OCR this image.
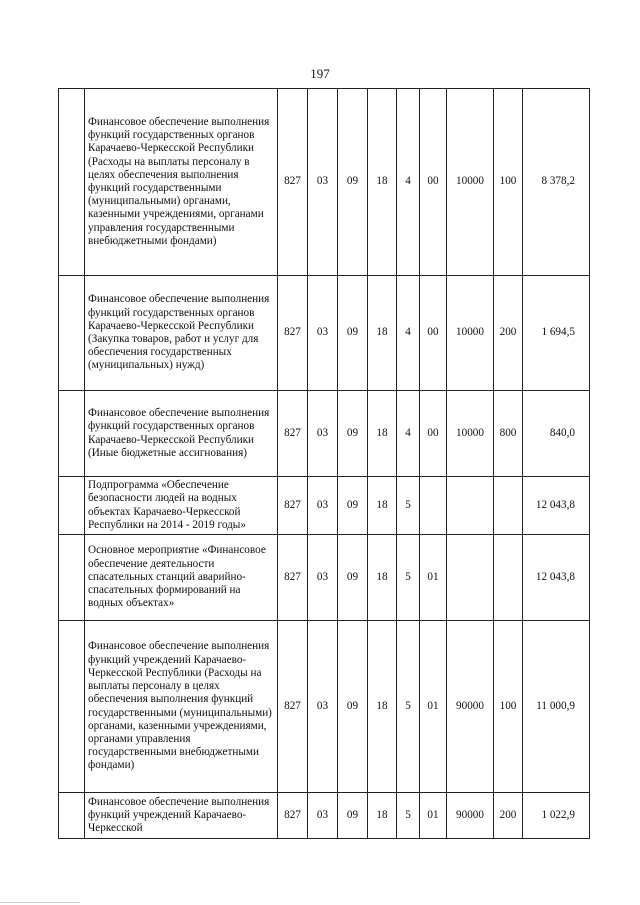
197
	Финансовое обеспечение выполнения функций государственных органов Карачаево-Черкесской Республики (Расходы на выплаты персоналу в целях обеспечения выполнения функций государственными (муниципальными) органами, казенными учреждениями, органами управления государственными внебюджетными фондами)	827	03	09	18	4	00	10000	100	8 378,2
	Финансовое обеспечение выполнения функций государственных органов Карачаево-Черкесской Республики (Закупка товаров, работ и услуг для обеспечения государственных (муниципальных) нужд)	827	03	09	18	4	00	10000	200	1 694,5
	Финансовое обеспечение выполнения функций государственных органов Карачаево-Черкесской Республики (Иные бюджетные ассигнования)	827	03	09	18	4	00	10000	800	840,0
	Подпрограмма «Обеспечение безопасности людей на водных объектах Карачаево-Черкесской Республики на 2014 - 2019 годы»	827	03	09	18	5				12 043,8
	Основное мероприятие «Финансовое обеспечение деятельности спасательных станций аварийно-спасательных формирований на водных объектах»	827	03	09	18	5	01			12 043,8
	Финансовое обеспечение выполнения функций учреждений Карачаево-Черкесской Республики (Расходы на выплаты персоналу в целях обеспечения выполнения функций государственными (муниципальными) органами, казенными учреждениями, органами управления государственными внебюджетными фондами)	827	03	09	18	5	01	90000	100	11 000,9
	Финансовое обеспечение выполнения функций учреждений Карачаево-Черкесской	827	03	09	18	5	01	90000	200	1 022,9
